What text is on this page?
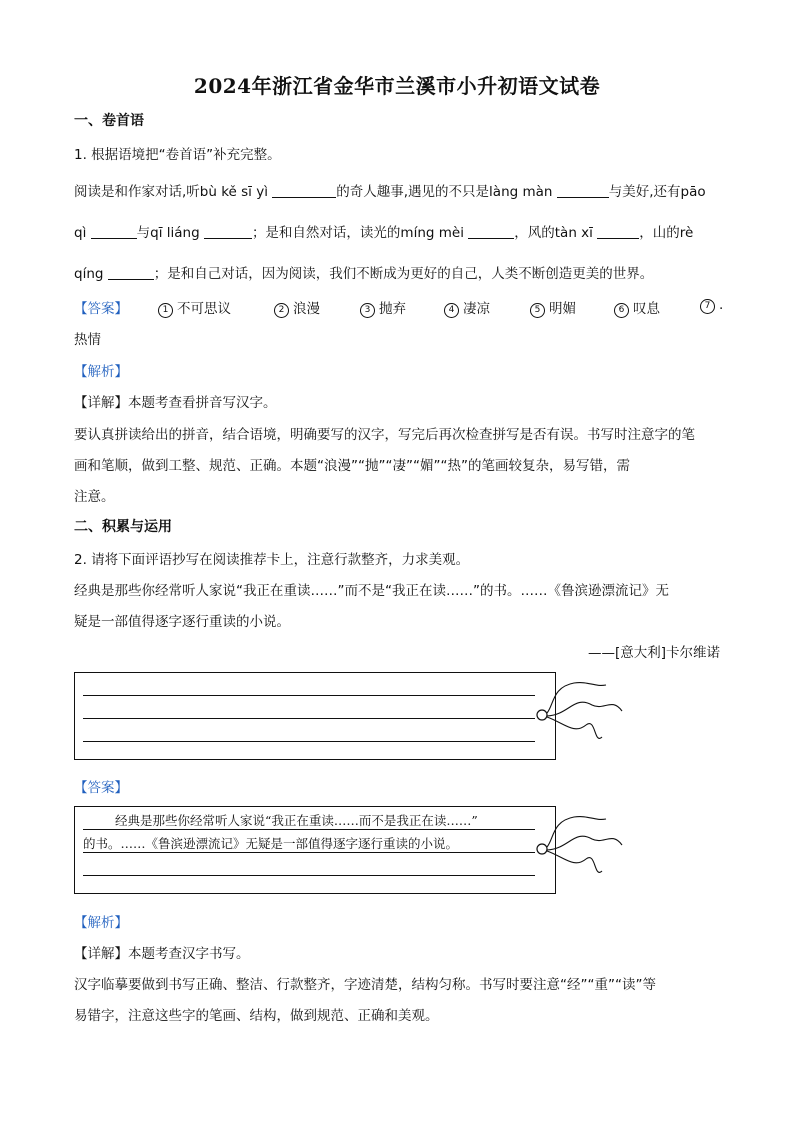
2024年浙江省金华市兰溪市小升初语文试卷
一、卷首语
1. 根据语境把“卷首语”补充完整。
阅读是和作家对话,听bù kě sī yì	的奇人趣事,遇见的不只是làng màn	与美好,还有pāo
qì	与qī liáng	；是和自然对话，读光的míng mèi	，风的tàn xī	，山的rè
qíng	；是和自己对话，因为阅读，我们不断成为更好的自己，人类不断创造更美的世界。
【答案】	1 不可思议	2 浪漫	3 抛弃	4 凄凉	5 明媚	6 叹息	7 .
热情
【解析】
【详解】本题考查看拼音写汉字。
要认真拼读给出的拼音，结合语境，明确要写的汉字，写完后再次检查拼写是否有误。书写时注意字的笔
画和笔顺，做到工整、规范、正确。本题“浪漫”“抛”“凄”“媚”“热”的笔画较复杂，易写错，需
注意。
二、积累与运用
2. 请将下面评语抄写在阅读推荐卡上，注意行款整齐，力求美观。
经典是那些你经常听人家说“我正在重读……”而不是“我正在读……”的书。……《鲁滨逊漂流记》无
疑是一部值得逐字逐行重读的小说。
——[意大利]卡尔维诺
【答案】
经典是那些你经常听人家说“我正在重读……而不是我正在读……”
的书。……《鲁滨逊漂流记》无疑是一部值得逐字逐行重读的小说。
【解析】
【详解】本题考查汉字书写。
汉字临摹要做到书写正确、整洁、行款整齐，字迹清楚，结构匀称。书写时要注意“经”“重”“读”等
易错字，注意这些字的笔画、结构，做到规范、正确和美观。
